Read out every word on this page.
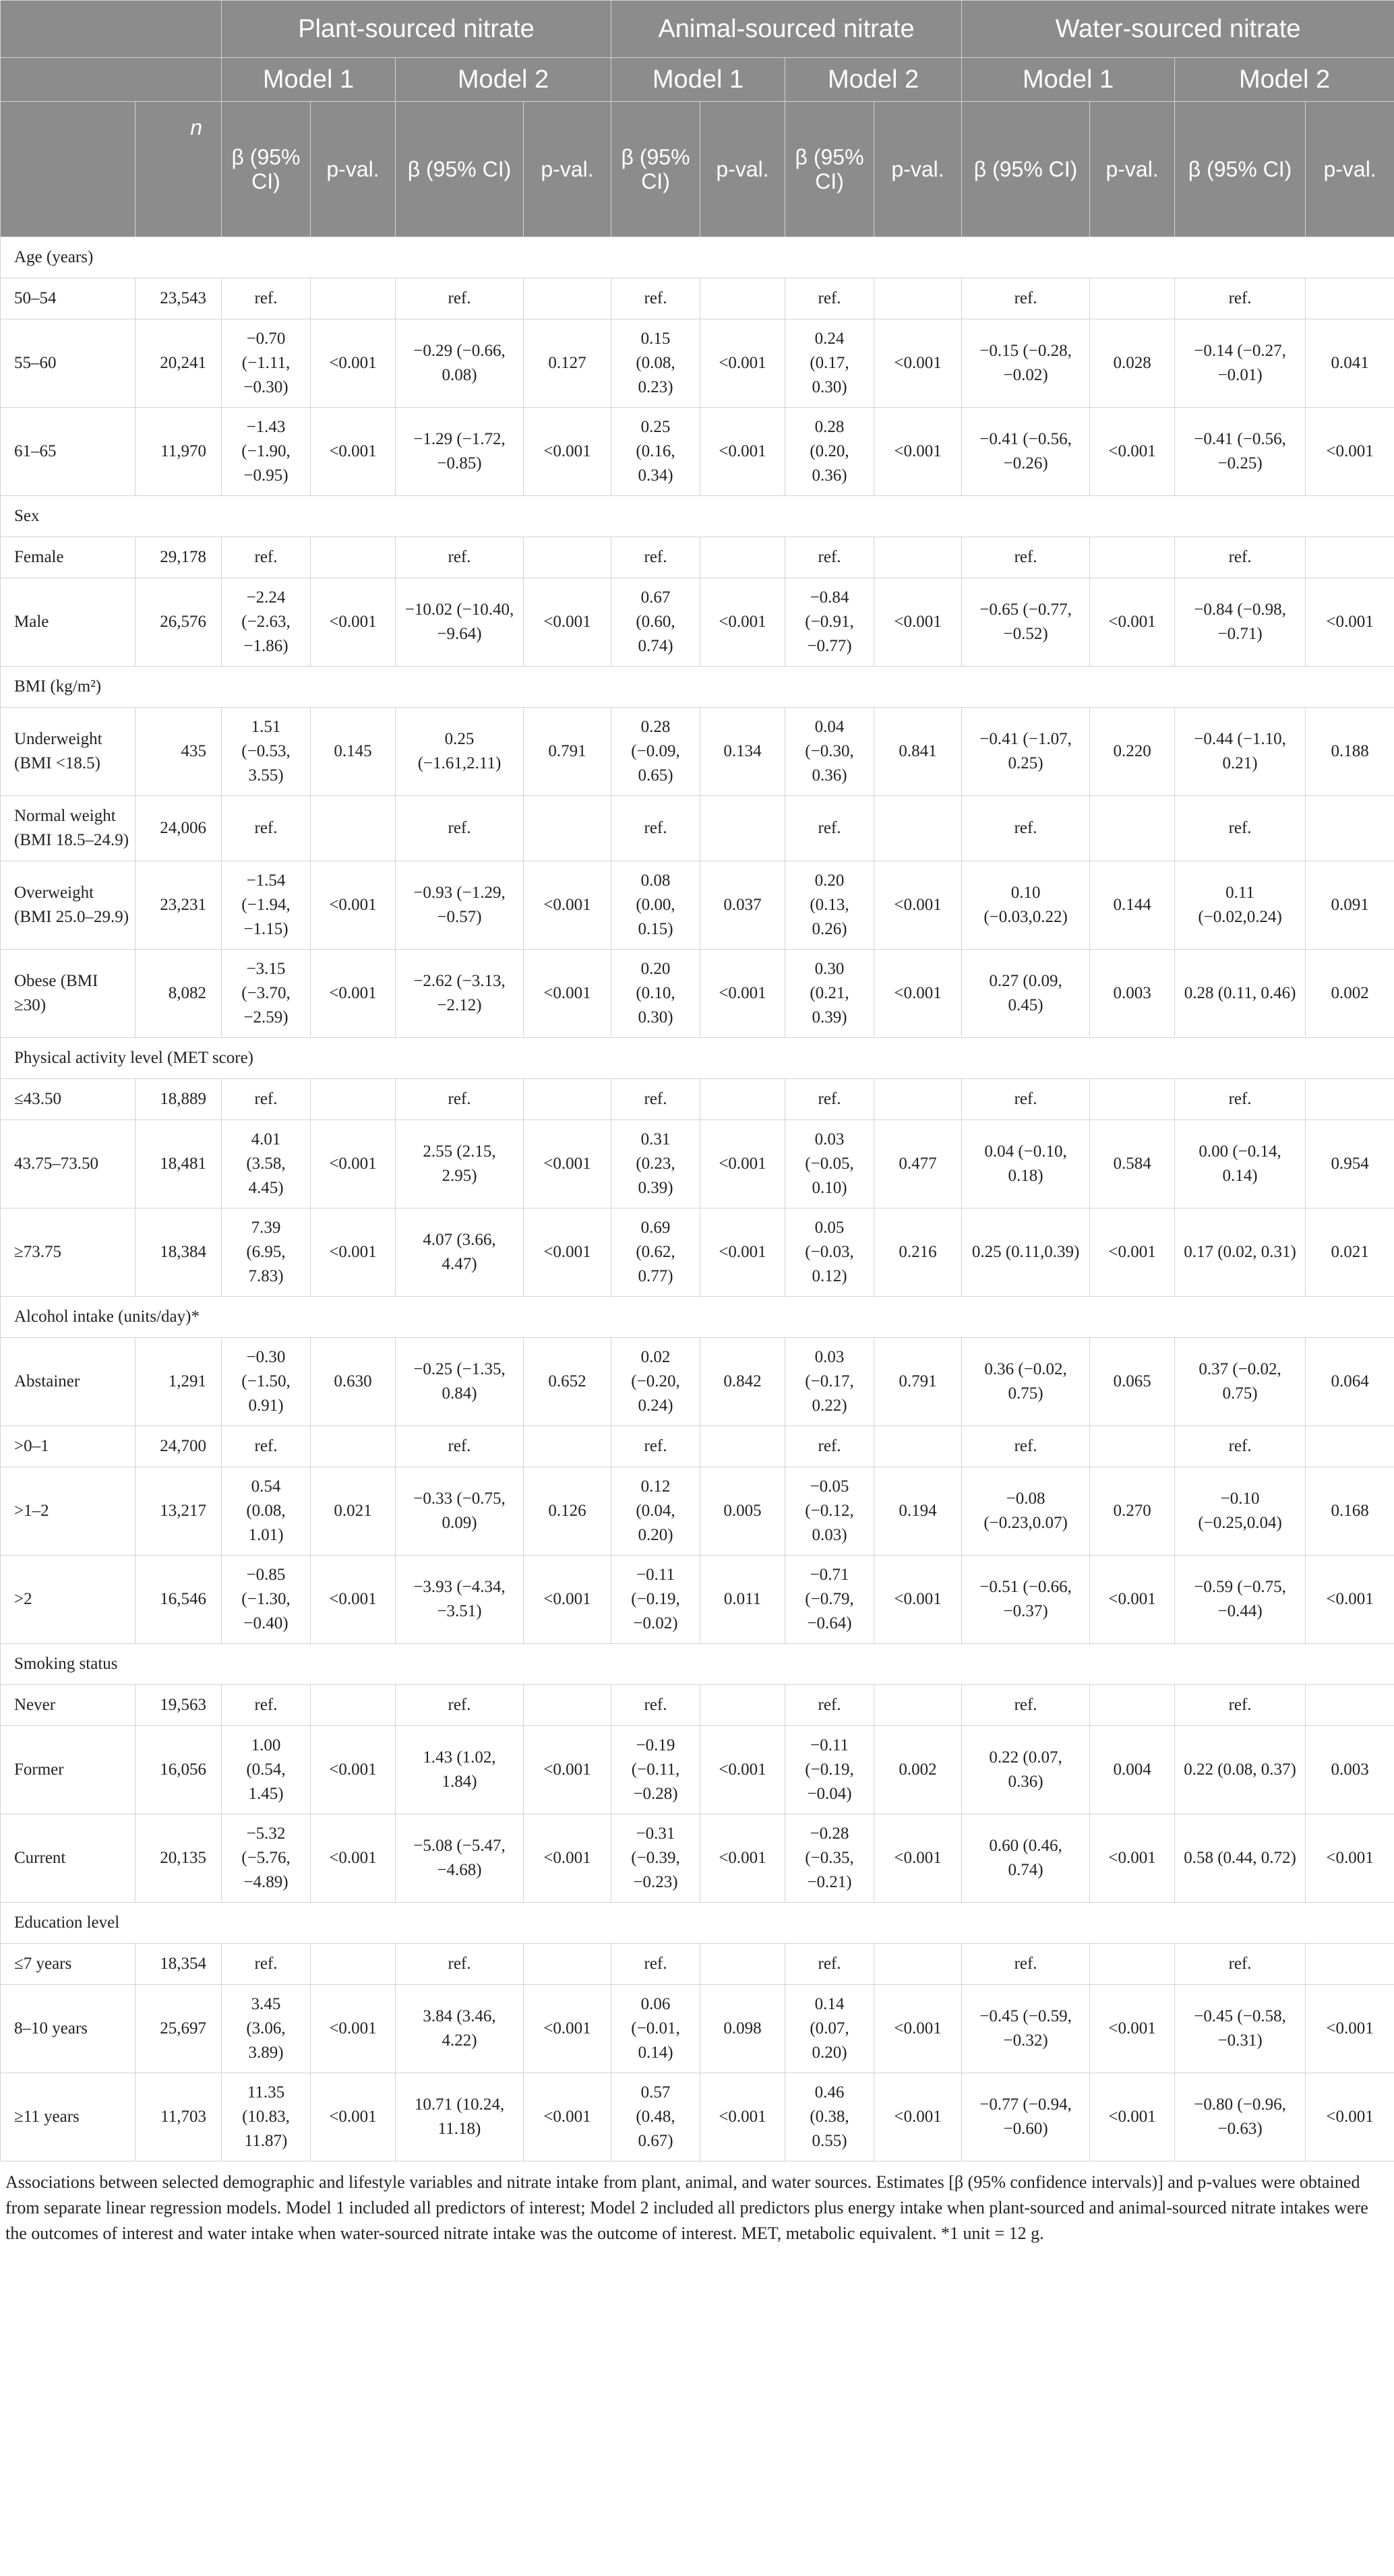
		Plant-sourced nitrate				Animal-sourced nitrate				Water-sourced nitrate			
		Model 1		Model 2		Model 1		Model 2		Model 1		Model 2	
	n	β (95% CI)	p-val.	β (95% CI)	p-val.	β (95% CI)	p-val.	β (95% CI)	p-val.	β (95% CI)	p-val.	β (95% CI)	p-val.
Age (years)													
50–54	23,543	ref.		ref.		ref.		ref.		ref.		ref.	
55–60	20,241	−0.70 (−1.11, −0.30)	<0.001	−0.29 (−0.66, 0.08)	0.127	0.15 (0.08, 0.23)	<0.001	0.24 (0.17, 0.30)	<0.001	−0.15 (−0.28, −0.02)	0.028	−0.14 (−0.27, −0.01)	0.041
61–65	11,970	−1.43 (−1.90, −0.95)	<0.001	−1.29 (−1.72, −0.85)	<0.001	0.25 (0.16, 0.34)	<0.001	0.28 (0.20, 0.36)	<0.001	−0.41 (−0.56, −0.26)	<0.001	−0.41 (−0.56, −0.25)	<0.001
Sex													
Female	29,178	ref.		ref.		ref.		ref.		ref.		ref.	
Male	26,576	−2.24 (−2.63, −1.86)	<0.001	−10.02 (−10.40, −9.64)	<0.001	0.67 (0.60, 0.74)	<0.001	−0.84 (−0.91, −0.77)	<0.001	−0.65 (−0.77, −0.52)	<0.001	−0.84 (−0.98, −0.71)	<0.001
BMI (kg/m²)													
Underweight (BMI <18.5)	435	1.51 (−0.53, 3.55)	0.145	0.25 (−1.61,2.11)	0.791	0.28 (−0.09, 0.65)	0.134	0.04 (−0.30, 0.36)	0.841	−0.41 (−1.07, 0.25)	0.220	−0.44 (−1.10, 0.21)	0.188
Normal weight (BMI 18.5–24.9)	24,006	ref.		ref.		ref.		ref.		ref.		ref.	
Overweight (BMI 25.0–29.9)	23,231	−1.54 (−1.94, −1.15)	<0.001	−0.93 (−1.29, −0.57)	<0.001	0.08 (0.00, 0.15)	0.037	0.20 (0.13, 0.26)	<0.001	0.10 (−0.03,0.22)	0.144	0.11 (−0.02,0.24)	0.091
Obese (BMI ≥30)	8,082	−3.15 (−3.70, −2.59)	<0.001	−2.62 (−3.13, −2.12)	<0.001	0.20 (0.10, 0.30)	<0.001	0.30 (0.21, 0.39)	<0.001	0.27 (0.09, 0.45)	0.003	0.28 (0.11, 0.46)	0.002
Physical activity level (MET score)													
≤43.50	18,889	ref.		ref.		ref.		ref.		ref.		ref.	
43.75–73.50	18,481	4.01 (3.58, 4.45)	<0.001	2.55 (2.15, 2.95)	<0.001	0.31 (0.23, 0.39)	<0.001	0.03 (−0.05, 0.10)	0.477	0.04 (−0.10, 0.18)	0.584	0.00 (−0.14, 0.14)	0.954
≥73.75	18,384	7.39 (6.95, 7.83)	<0.001	4.07 (3.66, 4.47)	<0.001	0.69 (0.62, 0.77)	<0.001	0.05 (−0.03, 0.12)	0.216	0.25 (0.11,0.39)	<0.001	0.17 (0.02, 0.31)	0.021
Alcohol intake (units/day)*													
Abstainer	1,291	−0.30 (−1.50, 0.91)	0.630	−0.25 (−1.35, 0.84)	0.652	0.02 (−0.20, 0.24)	0.842	0.03 (−0.17, 0.22)	0.791	0.36 (−0.02, 0.75)	0.065	0.37 (−0.02, 0.75)	0.064
>0–1	24,700	ref.		ref.		ref.		ref.		ref.		ref.	
>1–2	13,217	0.54 (0.08, 1.01)	0.021	−0.33 (−0.75, 0.09)	0.126	0.12 (0.04, 0.20)	0.005	−0.05 (−0.12, 0.03)	0.194	−0.08 (−0.23,0.07)	0.270	−0.10 (−0.25,0.04)	0.168
>2	16,546	−0.85 (−1.30, −0.40)	<0.001	−3.93 (−4.34, −3.51)	<0.001	−0.11 (−0.19, −0.02)	0.011	−0.71 (−0.79, −0.64)	<0.001	−0.51 (−0.66, −0.37)	<0.001	−0.59 (−0.75, −0.44)	<0.001
Smoking status													
Never	19,563	ref.		ref.		ref.		ref.		ref.		ref.	
Former	16,056	1.00 (0.54, 1.45)	<0.001	1.43 (1.02, 1.84)	<0.001	−0.19 (−0.11, −0.28)	<0.001	−0.11 (−0.19, −0.04)	0.002	0.22 (0.07, 0.36)	0.004	0.22 (0.08, 0.37)	0.003
Current	20,135	−5.32 (−5.76, −4.89)	<0.001	−5.08 (−5.47, −4.68)	<0.001	−0.31 (−0.39, −0.23)	<0.001	−0.28 (−0.35, −0.21)	<0.001	0.60 (0.46, 0.74)	<0.001	0.58 (0.44, 0.72)	<0.001
Education level													
≤7 years	18,354	ref.		ref.		ref.		ref.		ref.		ref.	
8–10 years	25,697	3.45 (3.06, 3.89)	<0.001	3.84 (3.46, 4.22)	<0.001	0.06 (−0.01, 0.14)	0.098	0.14 (0.07, 0.20)	<0.001	−0.45 (−0.59, −0.32)	<0.001	−0.45 (−0.58, −0.31)	<0.001
≥11 years	11,703	11.35 (10.83, 11.87)	<0.001	10.71 (10.24, 11.18)	<0.001	0.57 (0.48, 0.67)	<0.001	0.46 (0.38, 0.55)	<0.001	−0.77 (−0.94, −0.60)	<0.001	−0.80 (−0.96, −0.63)	<0.001
Associations between selected demographic and lifestyle variables and nitrate intake from plant, animal, and water sources. Estimates [β (95% confidence intervals)] and p-values were obtained from separate linear regression models. Model 1 included all predictors of interest; Model 2 included all predictors plus energy intake when plant-sourced and animal-sourced nitrate intakes were the outcomes of interest and water intake when water-sourced nitrate intake was the outcome of interest. MET, metabolic equivalent. *1 unit = 12 g.
